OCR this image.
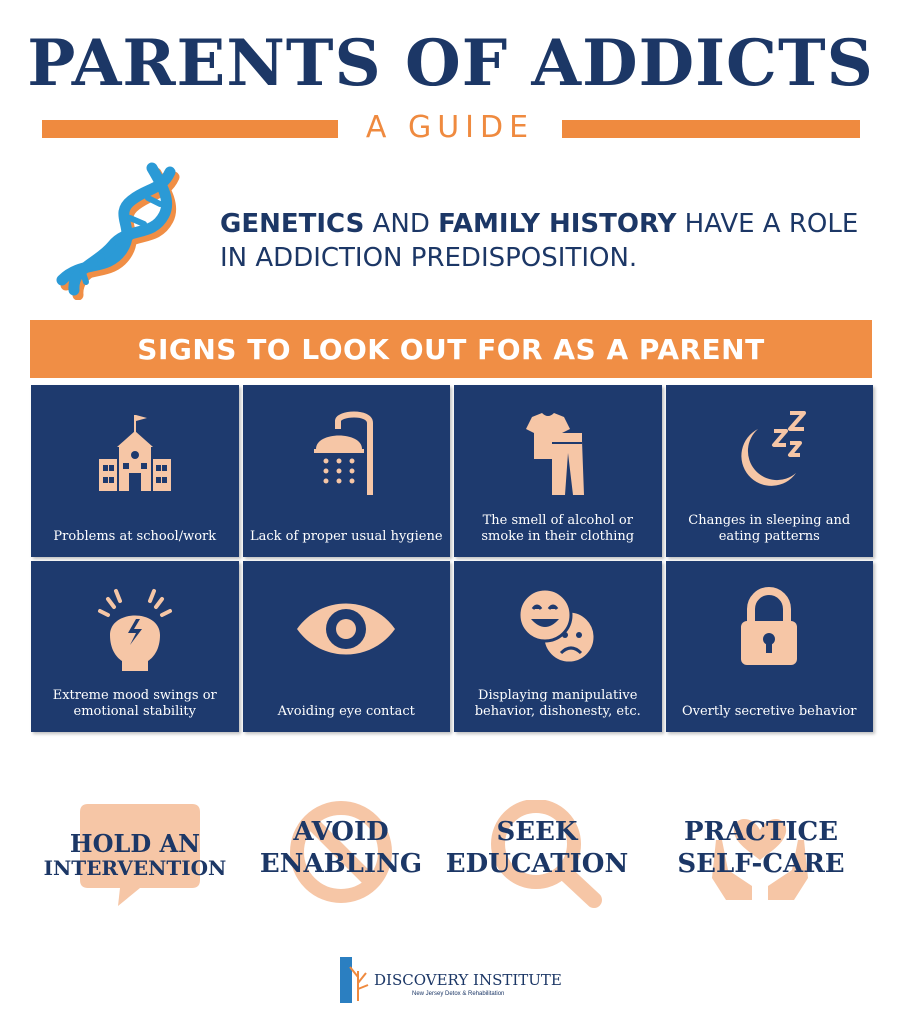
PARENTS OF ADDICTS
A GUIDE
GENETICS AND FAMILY HISTORY HAVE A ROLE IN ADDICTION PREDISPOSITION.
SIGNS TO LOOK OUT FOR AS A PARENT
Problems at school/work	Lack of proper usual hygiene
The smell of alcohol or smoke in their clothing
Changes in sleeping and eating patterns
Extreme mood swings or emotional stability	Avoiding eye contact
Displaying manipulative behavior, dishonesty, etc.	Overtly secretive behavior
HOLD AN
INTERVENTION
AVOID
ENABLING
SEEK
EDUCATION
PRACTICE
SELF-CARE
DISCOVERY INSTITUTE
New Jersey Detox & Rehabilitation
